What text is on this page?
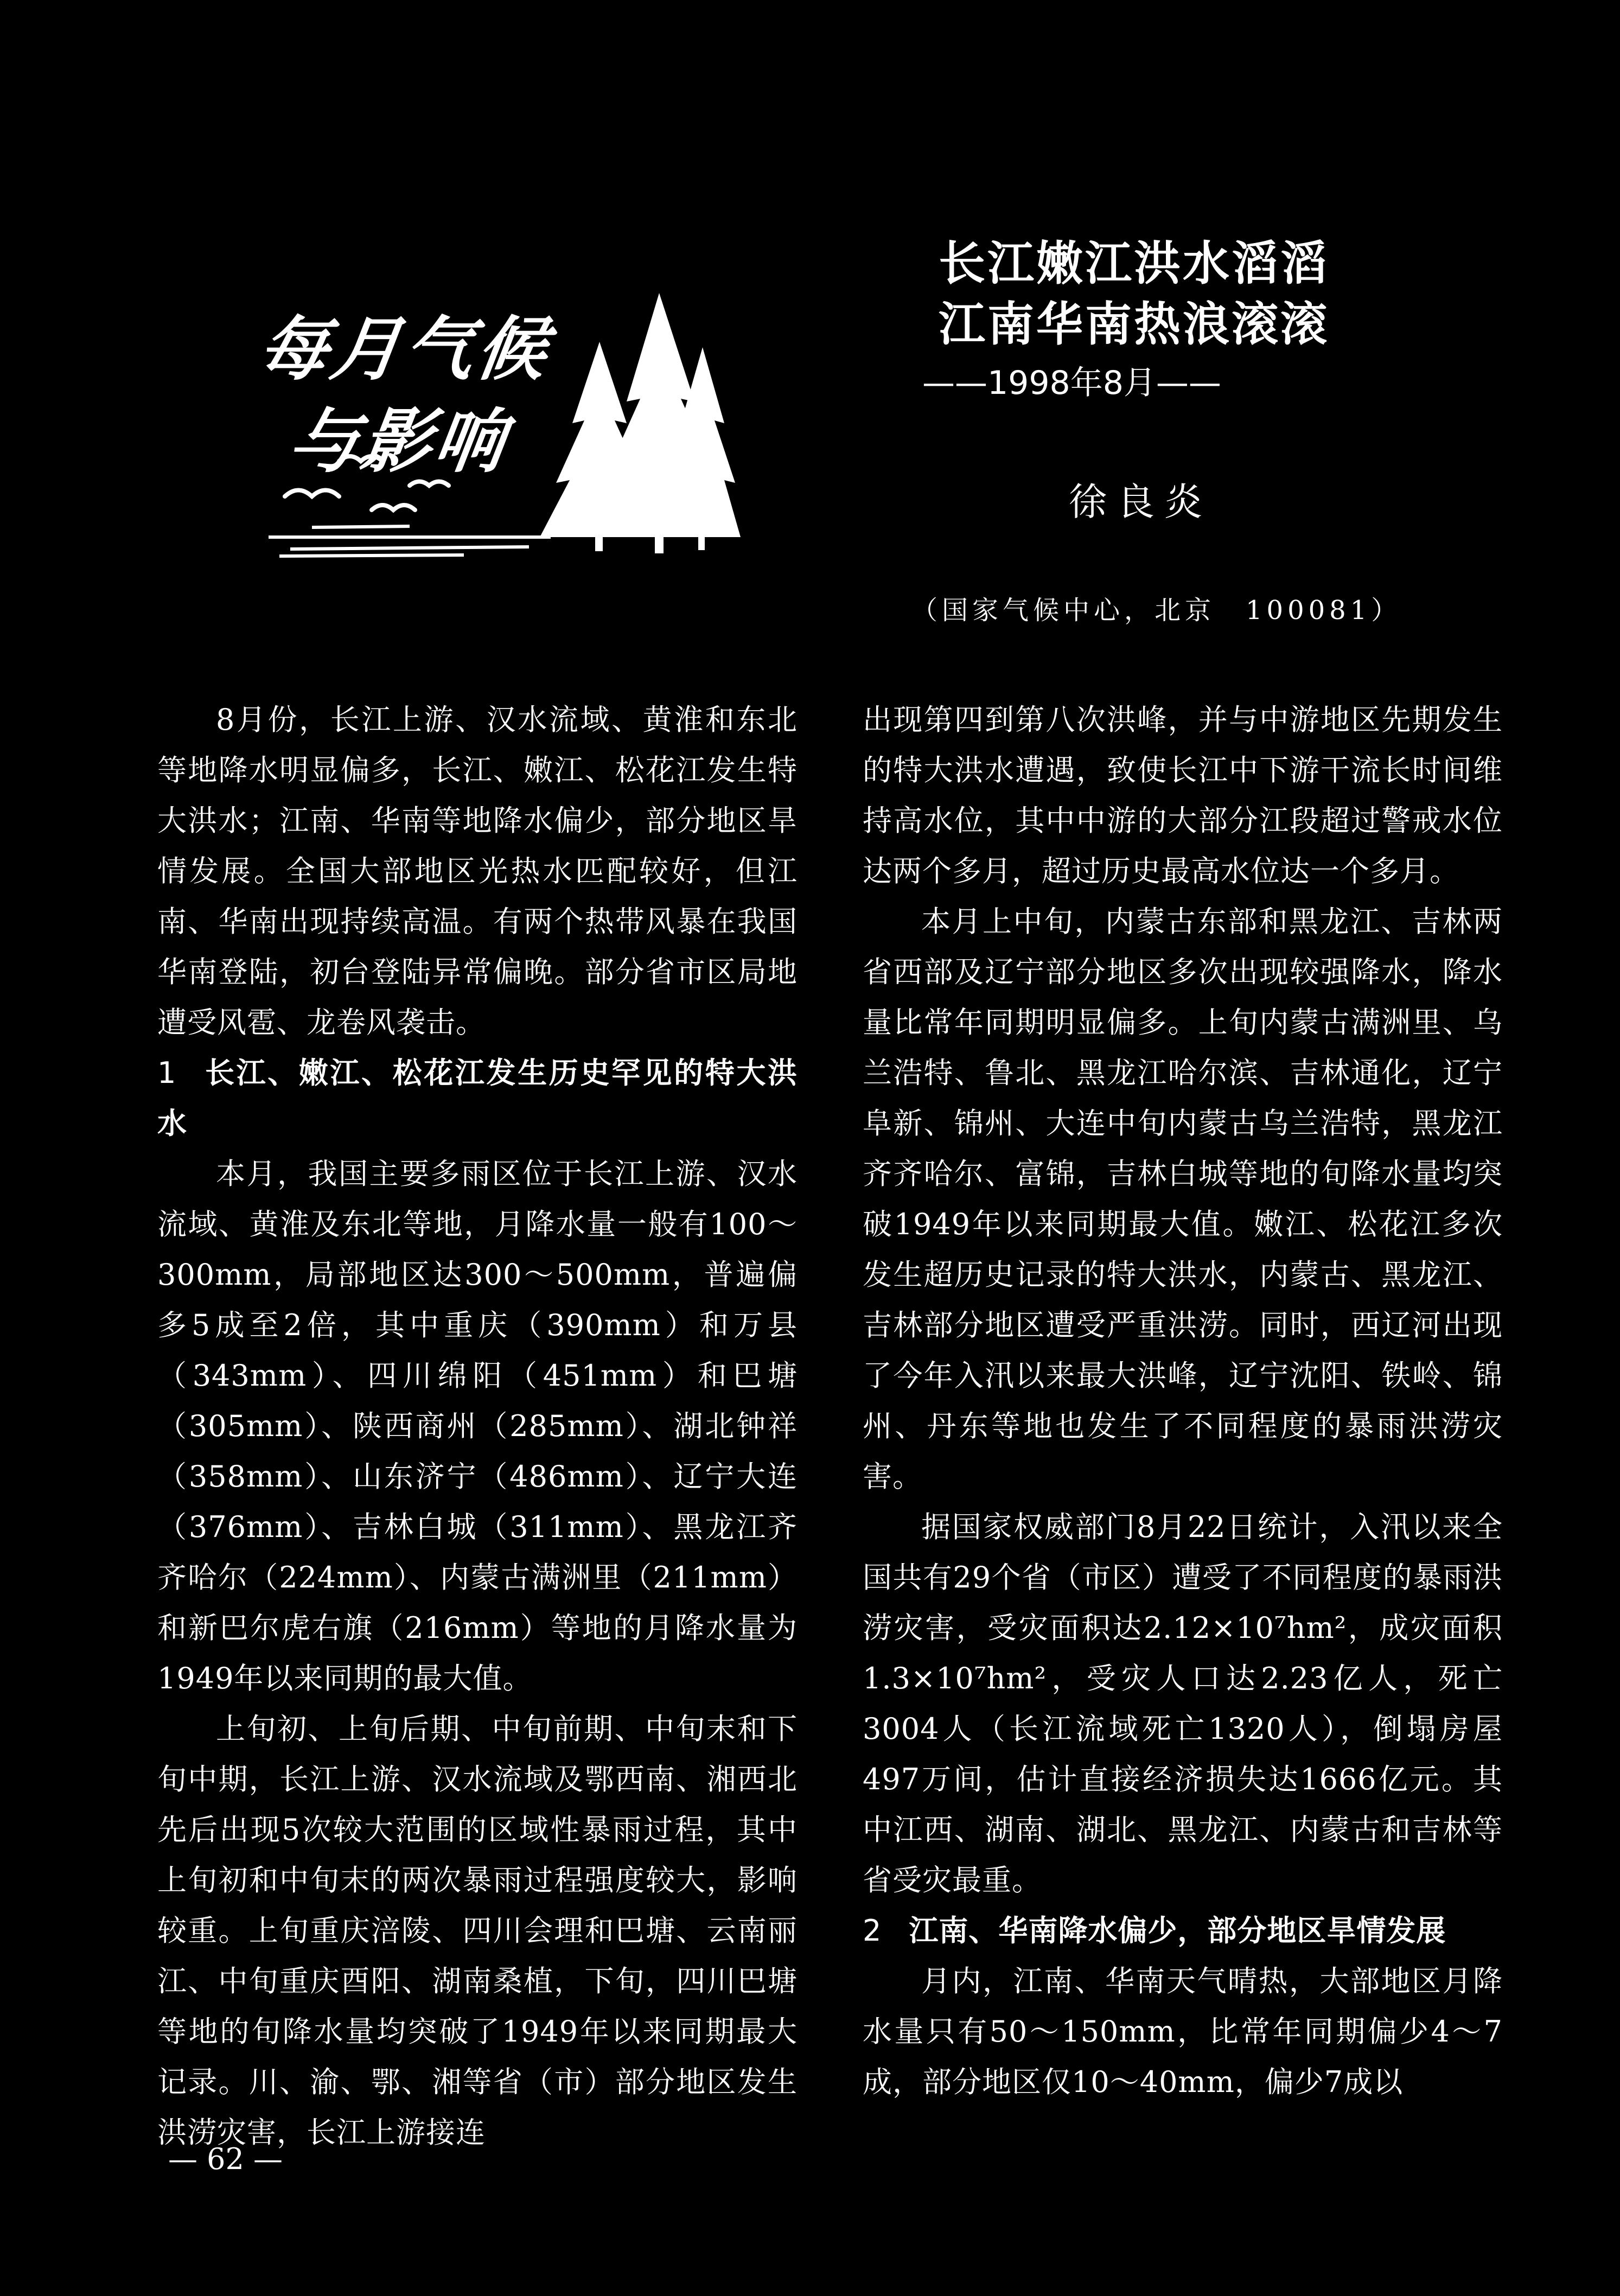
每月气候
与影响
长江嫩江洪水滔滔
江南华南热浪滚滚
——1998年8月——
徐良炎
（国家气候中心，北京　100081）

8月份，长江上游、汉水流域、黄淮和东北等地降水明显偏多，长江、嫩江、松花江发生特大洪水；江南、华南等地降水偏少，部分地区旱情发展。全国大部地区光热水匹配较好，但江南、华南出现持续高温。有两个热带风暴在我国华南登陆，初台登陆异常偏晚。部分省市区局地遭受风雹、龙卷风袭击。

1 长江、嫩江、松花江发生历史罕见的特大洪水

本月，我国主要多雨区位于长江上游、汉水流域、黄淮及东北等地，月降水量一般有100～300mm，局部地区达300～500mm，普遍偏多5成至2倍，其中重庆（390mm）和万县（343mm）、四川绵阳（451mm）和巴塘（305mm）、陕西商州（285mm）、湖北钟祥（358mm）、山东济宁（486mm）、辽宁大连（376mm）、吉林白城（311mm）、黑龙江齐齐哈尔（224mm）、内蒙古满洲里（211mm）和新巴尔虎右旗（216mm）等地的月降水量为1949年以来同期的最大值。

上旬初、上旬后期、中旬前期、中旬末和下旬中期，长江上游、汉水流域及鄂西南、湘西北先后出现5次较大范围的区域性暴雨过程，其中上旬初和中旬末的两次暴雨过程强度较大，影响较重。上旬重庆涪陵、四川会理和巴塘、云南丽江、中旬重庆酉阳、湖南桑植，下旬，四川巴塘等地的旬降水量均突破了1949年以来同期最大记录。川、渝、鄂、湘等省（市）部分地区发生洪涝灾害，长江上游接连

出现第四到第八次洪峰，并与中游地区先期发生的特大洪水遭遇，致使长江中下游干流长时间维持高水位，其中中游的大部分江段超过警戒水位达两个多月，超过历史最高水位达一个多月。

本月上中旬，内蒙古东部和黑龙江、吉林两省西部及辽宁部分地区多次出现较强降水，降水量比常年同期明显偏多。上旬内蒙古满洲里、乌兰浩特、鲁北、黑龙江哈尔滨、吉林通化，辽宁阜新、锦州、大连中旬内蒙古乌兰浩特，黑龙江齐齐哈尔、富锦，吉林白城等地的旬降水量均突破1949年以来同期最大值。嫩江、松花江多次发生超历史记录的特大洪水，内蒙古、黑龙江、吉林部分地区遭受严重洪涝。同时，西辽河出现了今年入汛以来最大洪峰，辽宁沈阳、铁岭、锦州、丹东等地也发生了不同程度的暴雨洪涝灾害。

据国家权威部门8月22日统计，入汛以来全国共有29个省（市区）遭受了不同程度的暴雨洪涝灾害，受灾面积达2.12×10⁷hm²，成灾面积1.3×10⁷hm²，受灾人口达2.23亿人，死亡3004人（长江流域死亡1320人），倒塌房屋497万间，估计直接经济损失达1666亿元。其中江西、湖南、湖北、黑龙江、内蒙古和吉林等省受灾最重。

2 江南、华南降水偏少，部分地区旱情发展

月内，江南、华南天气晴热，大部地区月降水量只有50～150mm，比常年同期偏少4～7成，部分地区仅10～40mm，偏少7成以

— 62 —
